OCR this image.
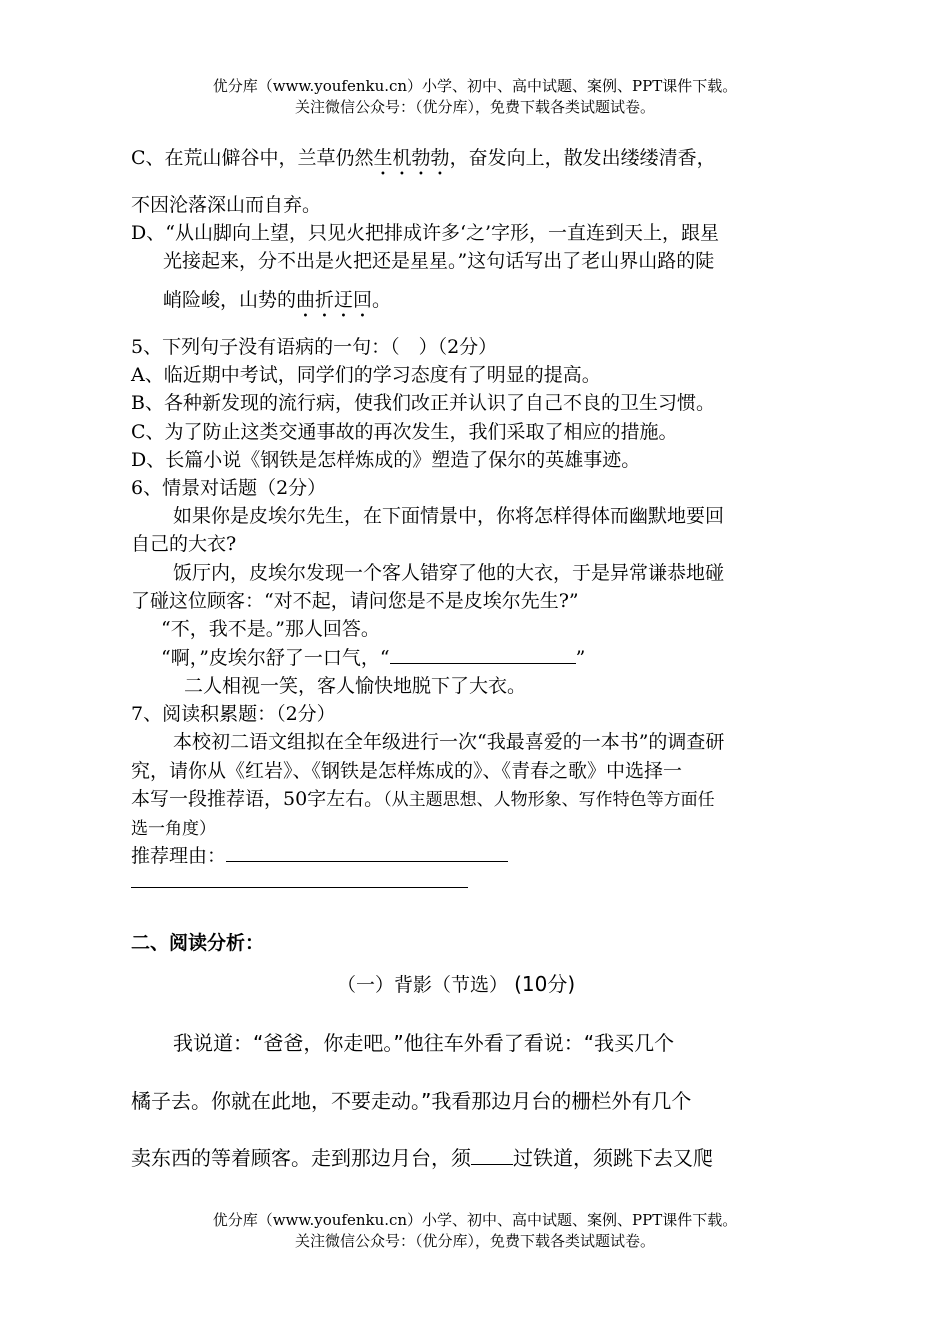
优分库（www.youfenku.cn）小学、初中、高中试题、案例、PPT课件下载。
关注微信公众号：（优分库），免费下载各类试题试卷。
C、在荒山僻谷中，兰草仍然生机勃勃，奋发向上，散发出缕缕清香，
不因沦落深山而自弃。
D、“从山脚向上望，只见火把排成许多‘之’字形，一直连到天上，跟星
光接起来，分不出是火把还是星星。”这句话写出了老山界山路的陡
峭险峻，山势的曲折迂回。
5、下列句子没有语病的一句：（　）（2分）
A、临近期中考试，同学们的学习态度有了明显的提高。
B、各种新发现的流行病，使我们改正并认识了自己不良的卫生习惯。
C、为了防止这类交通事故的再次发生，我们采取了相应的措施。
D、长篇小说《钢铁是怎样炼成的》塑造了保尔的英雄事迹。
6、情景对话题（2分）
如果你是皮埃尔先生，在下面情景中，你将怎样得体而幽默地要回
自己的大衣?
饭厅内，皮埃尔发现一个客人错穿了他的大衣，于是异常谦恭地碰
了碰这位顾客：“对不起，请问您是不是皮埃尔先生?”
“不，我不是。”那人回答。
“啊，”皮埃尔舒了一口气，“	”
二人相视一笑，客人愉快地脱下了大衣。
7、阅读积累题：（2分）
本校初二语文组拟在全年级进行一次“我最喜爱的一本书”的调查研
究，请你从《红岩》、《钢铁是怎样炼成的》、《青春之歌》中选择一
本写一段推荐语，50字左右。（从主题思想、人物形象、写作特色等方面任
选一角度）
推荐理由：
二、阅读分析：
（一）背影（节选） (10分)
我说道：“爸爸，你走吧。”他往车外看了看说：“我买几个
橘子去。你就在此地，不要走动。”我看那边月台的栅栏外有几个
卖东西的等着顾客。走到那边月台，须 过铁道，须跳下去又爬
优分库（www.youfenku.cn）小学、初中、高中试题、案例、PPT课件下载。
关注微信公众号：（优分库），免费下载各类试题试卷。
